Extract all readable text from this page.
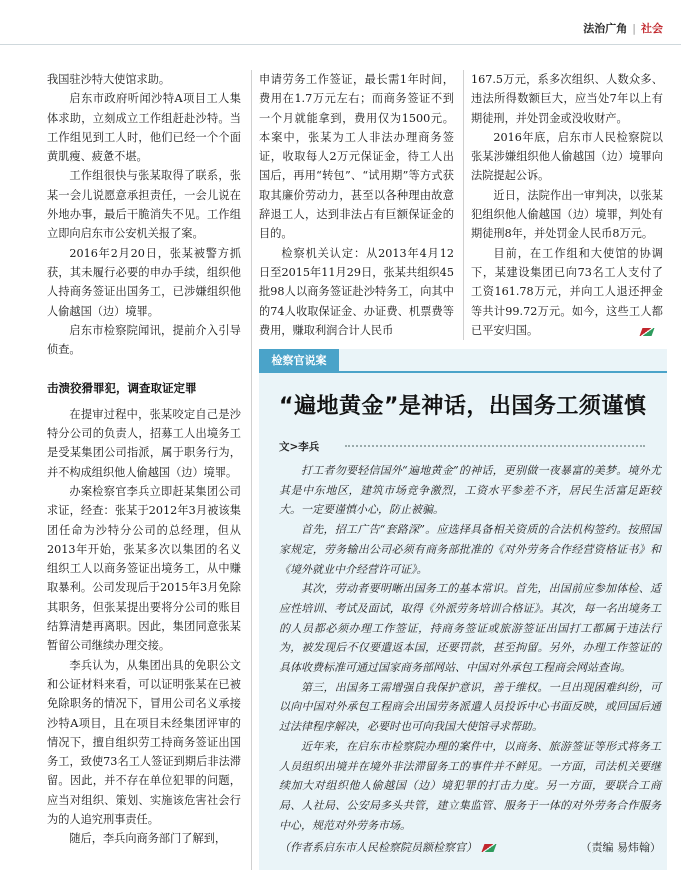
法治广角 | 社会

我国驻沙特大使馆求助。

启东市政府听闻沙特A项目工人集体求助，立刻成立工作组赶赴沙特。当工作组见到工人时，他们已经一个个面黄肌瘦、疲惫不堪。

工作组很快与张某取得了联系，张某一会儿说愿意承担责任，一会儿说在外地办事，最后干脆消失不见。工作组立即向启东市公安机关报了案。

2016年2月20日，张某被警方抓获，其未履行必要的申办手续，组织他人持商务签证出国务工，已涉嫌组织他人偷越国（边）境罪。

启东市检察院闻讯，提前介入引导侦查。

击溃狡猾罪犯，调查取证定罪

在提审过程中，张某咬定自己是沙特分公司的负责人，招募工人出境务工是受某集团公司指派，属于职务行为，并不构成组织他人偷越国（边）境罪。

办案检察官李兵立即赶某集团公司求证，经查：张某于2012年3月被该集团任命为沙特分公司的总经理，但从2013年开始，张某多次以集团的名义组织工人以商务签证出境务工，从中赚取暴利。公司发现后于2015年3月免除其职务，但张某提出要将分公司的账目结算清楚再离职。因此，集团同意张某暂留公司继续办理交接。

李兵认为，从集团出具的免职公文和公证材料来看，可以证明张某在已被免除职务的情况下，冒用公司名义承接沙特A项目，且在项目未经集团评审的情况下，擅自组织劳工持商务签证出国务工，致使73名工人签证到期后非法滞留。因此，并不存在单位犯罪的问题，应当对组织、策划、实施该危害社会行为的人追究刑事责任。

随后，李兵向商务部门了解到，

申请劳务工作签证，最长需1年时间，费用在1.7万元左右；而商务签证不到一个月就能拿到，费用仅为1500元。本案中，张某为工人非法办理商务签证，收取每人2万元保证金，待工人出国后，再用“转包”、“试用期”等方式获取其廉价劳动力，甚至以各种理由故意辞退工人，达到非法占有巨额保证金的目的。

检察机关认定：从2013年4月12日至2015年11月29日，张某共组织45批98人以商务签证赴沙特务工，向其中的74人收取保证金、办证费、机票费等费用，赚取利润合计人民币

167.5万元，系多次组织、人数众多、违法所得数额巨大，应当处7年以上有期徒刑，并处罚金或没收财产。

2016年底，启东市人民检察院以张某涉嫌组织他人偷越国（边）境罪向法院提起公诉。

近日，法院作出一审判决，以张某犯组织他人偷越国（边）境罪，判处有期徒刑8年，并处罚金人民币8万元。

目前，在工作组和大使馆的协调下，某建设集团已向73名工人支付了工资161.78万元，并向工人退还押金等共计99.72万元。如今，这些工人都已平安归国。

检察官说案
“遍地黄金”是神话，出国务工须谨慎
文>李兵

打工者勿要轻信国外“遍地黄金”的神话，更别做一夜暴富的美梦。境外尤其是中东地区，建筑市场竞争激烈，工资水平参差不齐，居民生活富足距较大。一定要谨慎小心，防止被骗。

首先，招工广告“套路深”。应选择具备相关资质的合法机构签约。按照国家规定，劳务输出公司必须有商务部批准的《对外劳务合作经营资格证书》和《境外就业中介经营许可证》。

其次，劳动者要明晰出国务工的基本常识。首先，出国前应参加体检、适应性培训、考试及面试，取得《外派劳务培训合格证》。其次，每一名出境务工的人员都必须办理工作签证，持商务签证或旅游签证出国打工都属于违法行为，被发现后不仅要遣返本国，还要罚款，甚至拘留。另外，办理工作签证的具体收费标准可通过国家商务部网站、中国对外承包工程商会网站查询。

第三，出国务工需增强自我保护意识，善于维权。一旦出现困难纠纷，可以向中国对外承包工程商会出国劳务派遣人员投诉中心书面反映，或回国后通过法律程序解决，必要时也可向我国大使馆寻求帮助。

近年来，在启东市检察院办理的案件中，以商务、旅游签证等形式将务工人员组织出境并在境外非法滞留务工的事件并不鲜见。一方面，司法机关要继续加大对组织他人偷越国（边）境犯罪的打击力度。另一方面，要联合工商局、人社局、公安局多头共管，建立集监管、服务于一体的对外劳务合作服务中心，规范对外劳务市场。

（作者系启东市人民检察院员额检察官）	（责编 易炜翰）
